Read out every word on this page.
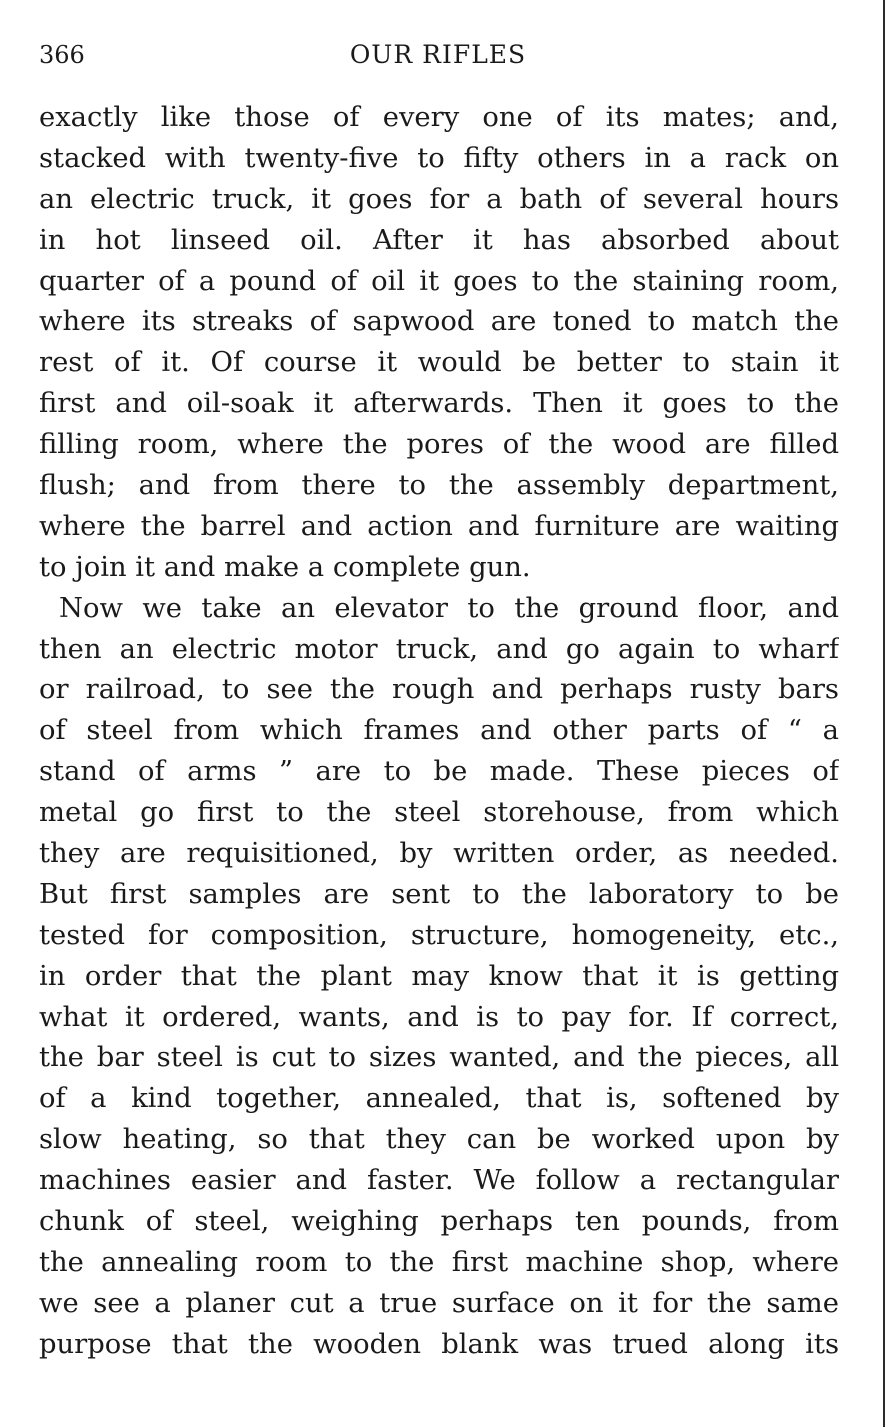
366	OUR RIFLES
exactly like those of every one of its mates; and,
stacked with twenty-five to fifty others in a rack on
an electric truck, it goes for a bath of several hours
in hot linseed oil. After it has absorbed about
quarter of a pound of oil it goes to the staining room,
where its streaks of sapwood are toned to match the
rest of it. Of course it would be better to stain it
first and oil-soak it afterwards. Then it goes to the
filling room, where the pores of the wood are filled
flush; and from there to the assembly department,
where the barrel and action and furniture are waiting
to join it and make a complete gun.
Now we take an elevator to the ground floor, and
then an electric motor truck, and go again to wharf
or railroad, to see the rough and perhaps rusty bars
of steel from which frames and other parts of “ a
stand of arms ” are to be made. These pieces of
metal go first to the steel storehouse, from which
they are requisitioned, by written order, as needed.
But first samples are sent to the laboratory to be
tested for composition, structure, homogeneity, etc.,
in order that the plant may know that it is getting
what it ordered, wants, and is to pay for. If correct,
the bar steel is cut to sizes wanted, and the pieces, all
of a kind together, annealed, that is, softened by
slow heating, so that they can be worked upon by
machines easier and faster. We follow a rectangular
chunk of steel, weighing perhaps ten pounds, from
the annealing room to the first machine shop, where
we see a planer cut a true surface on it for the same
purpose that the wooden blank was trued along its
